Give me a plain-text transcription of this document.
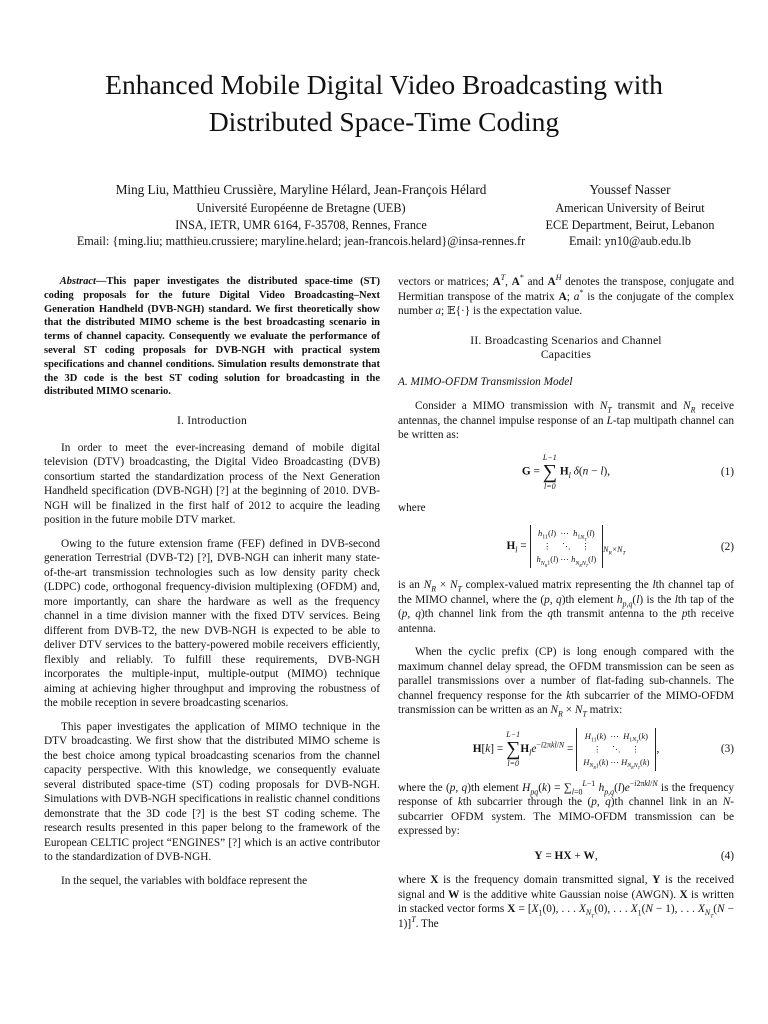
Enhanced Mobile Digital Video Broadcasting with
Distributed Space-Time Coding
Ming Liu, Matthieu Crussière, Maryline Hélard, Jean-François Hélard
Université Européenne de Bretagne (UEB)
INSA, IETR, UMR 6164, F-35708, Rennes, France
Email: {ming.liu; matthieu.crussiere; maryline.helard; jean-francois.helard}@insa-rennes.fr
Youssef Nasser
American University of Beirut
ECE Department, Beirut, Lebanon
Email: yn10@aub.edu.lb

Abstract—This paper investigates the distributed space-time (ST) coding proposals for the future Digital Video Broadcasting–Next Generation Handheld (DVB-NGH) standard. We first theoretically show that the distributed MIMO scheme is the best broadcasting scenario in terms of channel capacity. Consequently we evaluate the performance of several ST coding proposals for DVB-NGH with practical system specifications and channel conditions. Simulation results demonstrate that the 3D code is the best ST coding solution for broadcasting in the distributed MIMO scenario.

I. Introduction

In order to meet the ever-increasing demand of mobile digital television (DTV) broadcasting, the Digital Video Broadcasting (DVB) consortium started the standardization process of the Next Generation Handheld specification (DVB-NGH) [?] at the beginning of 2010. DVB-NGH will be finalized in the first half of 2012 to acquire the leading position in the future mobile DTV market.

Owing to the future extension frame (FEF) defined in DVB-second generation Terrestrial (DVB-T2) [?], DVB-NGH can inherit many state-of-the-art transmission technologies such as low density parity check (LDPC) code, orthogonal frequency-division multiplexing (OFDM) and, more importantly, can share the hardware as well as the frequency channel in a time division manner with the fixed DTV services. Being different from DVB-T2, the new DVB-NGH is expected to be able to deliver DTV services to the battery-powered mobile receivers efficiently, flexibly and reliably. To fulfill these requirements, DVB-NGH incorporates the multiple-input, multiple-output (MIMO) technique aiming at achieving higher throughput and improving the robustness of the mobile reception in severe broadcasting scenarios.

This paper investigates the application of MIMO technique in the DTV broadcasting. We first show that the distributed MIMO scheme is the best choice among typical broadcasting scenarios from the channel capacity perspective. With this knowledge, we consequently evaluate several distributed space-time (ST) coding proposals for DVB-NGH. Simulations with DVB-NGH specifications in realistic channel conditions demonstrate that the 3D code [?] is the best ST coding scheme. The research results presented in this paper belong to the framework of the European CELTIC project “ENGINES” [?] which is an active contributor to the standardization of DVB-NGH.

In the sequel, the variables with boldface represent the

vectors or matrices; $A^T$, A* and $A^H$ denotes the transpose, conjugate and Hermitian transpose of the matrix A; a* is the conjugate of the complex number a; 𝔼{·} is the expectation value.

II. Broadcasting Scenarios and Channel
Capacities
A. MIMO-OFDM Transmission Model

Consider a MIMO transmission with $N_T$ transmit and $N_R$ receive antennas, the channel impulse response of an L-tap multipath channel can be written as:

G =
L−1
∑
l=0
$H_l$ δ(n − l),	(1)

where

$H_l$ =
$h_{11}(l)$  ⋯  $h_{1N_T}(l)$
⋮     ⋱     ⋮
$h_{N_R1}(l)$ ⋯ $h_{N_RN_T}(l)$
$_{N_R\times N_T}$
(2)

is an $N_R \times N_T$ complex-valued matrix representing the lth channel tap of the MIMO channel, where the (p, q)th element $h_{p,q}(l)$ is the lth tap of the (p, q)th channel link from the qth transmit antenna to the pth receive antenna.

When the cyclic prefix (CP) is long enough compared with the maximum channel delay spread, the OFDM transmission can be seen as parallel transmissions over a number of flat-fading sub-channels. The channel frequency response for the kth subcarrier of the MIMO-OFDM transmission can be written as an $N_R \times N_T$ matrix:

H[k] =
L−1
∑
l=0
$H_le^{-i2\pi kl/N}$ =
$H_{11}(k)$  ⋯  $H_{1N_T}(k)$
⋮     ⋱     ⋮
$H_{N_R1}(k)$ ⋯ $H_{N_RN_T}(k)$
,	(3)

where the (p, q)th element $H_{pq}(k) = \sum_{l=0}^{L-1}$ $h_{p,q}(l)e^{-i2\pi kl/N}$ is the frequency response of kth subcarrier through the (p, q)th channel link in an N-subcarrier OFDM system. The MIMO-OFDM transmission can be expressed by:

Y = HX + W,	(4)

where X is the frequency domain transmitted signal, Y is the received signal and W is the additive white Gaussian noise (AWGN). X is written in stacked vector forms $X = [X_1(0)$, . . . $X_{N_T}(0)$, . . . $X_1(N - 1)$, . . . $X_{N_T}(N - 1)]^T$. The
